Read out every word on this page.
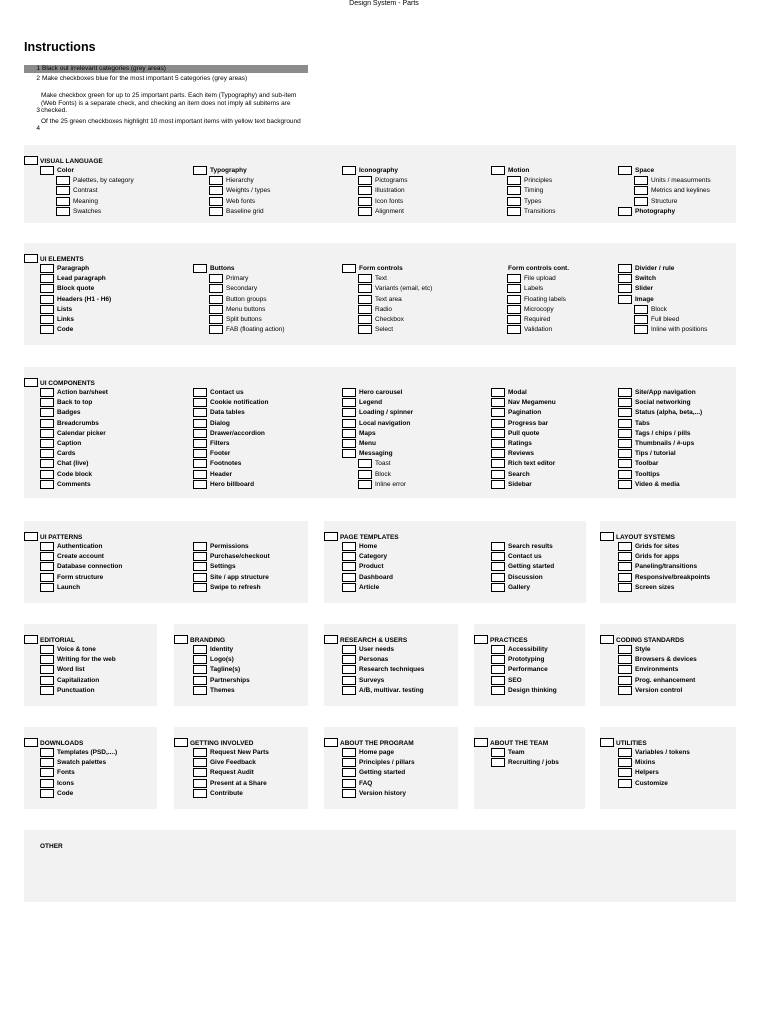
Design System - Parts
Instructions
1 Black out irrelevant categories (grey areas)
2 Make checkboxes blue for the most important 5 categories (grey areas)
3
Make checkbox green for up to 25 important parts. Each item (Typography) and sub-item (Web Fonts) is a separate check, and checking an item does not imply all subitems are checked.
4
Of the 25 green checkboxes highlight 10 most important items with yellow text background
VISUAL LANGUAGE
Color
Palettes, by category
Contrast
Meaning
Swatches
Typography
Hierarchy
Weights / types
Web fonts
Baseline grid
Iconography
Pictograms
Illustration
Icon fonts
Alignment
Motion
Principles
Timing
Types
Transitions
Space
Units / measurments
Metrics and keylines
Structure
Photography
UI ELEMENTS
Paragraph
Lead paragraph
Block quote
Headers (H1 - H6)
Lists
Links
Code
Buttons
Primary
Secondary
Button groups
Menu buttons
Split buttons
FAB (floating action)
Form controls
Text
Variants (email, etc)
Text area
Radio
Checkbox
Select
Form controls cont.
File upload
Labels
Floating labels
Microcopy
Required
Validation
Divider / rule
Switch
Slider
Image
Block
Full bleed
Inline with positions
UI COMPONENTS
Action bar/sheet
Back to top
Badges
Breadcrumbs
Calendar picker
Caption
Cards
Chat (live)
Code block
Comments
Contact us
Cookie notification
Data tables
Dialog
Drawer/accordion
Filters
Footer
Footnotes
Header
Hero billboard
Hero carousel
Legend
Loading / spinner
Local navigation
Maps
Menu
Messaging
Toast
Block
Inline error
Modal
Nav Megamenu
Pagination
Progress bar
Pull quote
Ratings
Reviews
Rich text editor
Search
Sidebar
Site/App navigation
Social networking
Status (alpha, beta,...)
Tabs
Tags / chips / pills
Thumbnails / #-ups
Tips / tutorial
Toolbar
Tooltips
Video & media
UI PATTERNS
Authentication
Create account
Database connection
Form structure
Launch
Permissions
Purchase/checkout
Settings
Site / app structure
Swipe to refresh
PAGE TEMPLATES
Home
Category
Product
Dashboard
Article
Search results
Contact us
Getting started
Discussion
Gallery
LAYOUT SYSTEMS
Grids for sites
Grids for apps
Paneling/transitions
Responsive/breakpoints
Screen sizes
EDITORIAL
Voice & tone
Writing for the web
Word list
Capitalization
Punctuation
BRANDING
Identity
Logo(s)
Tagline(s)
Partnerships
Themes
RESEARCH & USERS
User needs
Personas
Research techniques
Surveys
A/B, multivar. testing
PRACTICES
Accessibility
Prototyping
Performance
SEO
Design thinking
CODING STANDARDS
Style
Browsers & devices
Environments
Prog. enhancement
Version control
DOWNLOADS
Templates (PSD,....)
Swatch palettes
Fonts
Icons
Code
GETTING INVOLVED
Request New Parts
Give Feedback
Request Audit
Present at a Share
Contribute
ABOUT THE PROGRAM
Home page
Principles / pillars
Getting started
FAQ
Version history
ABOUT THE TEAM
Team
Recruiting / jobs
UTILITIES
Variables / tokens
Mixins
Helpers
Customize
OTHER
